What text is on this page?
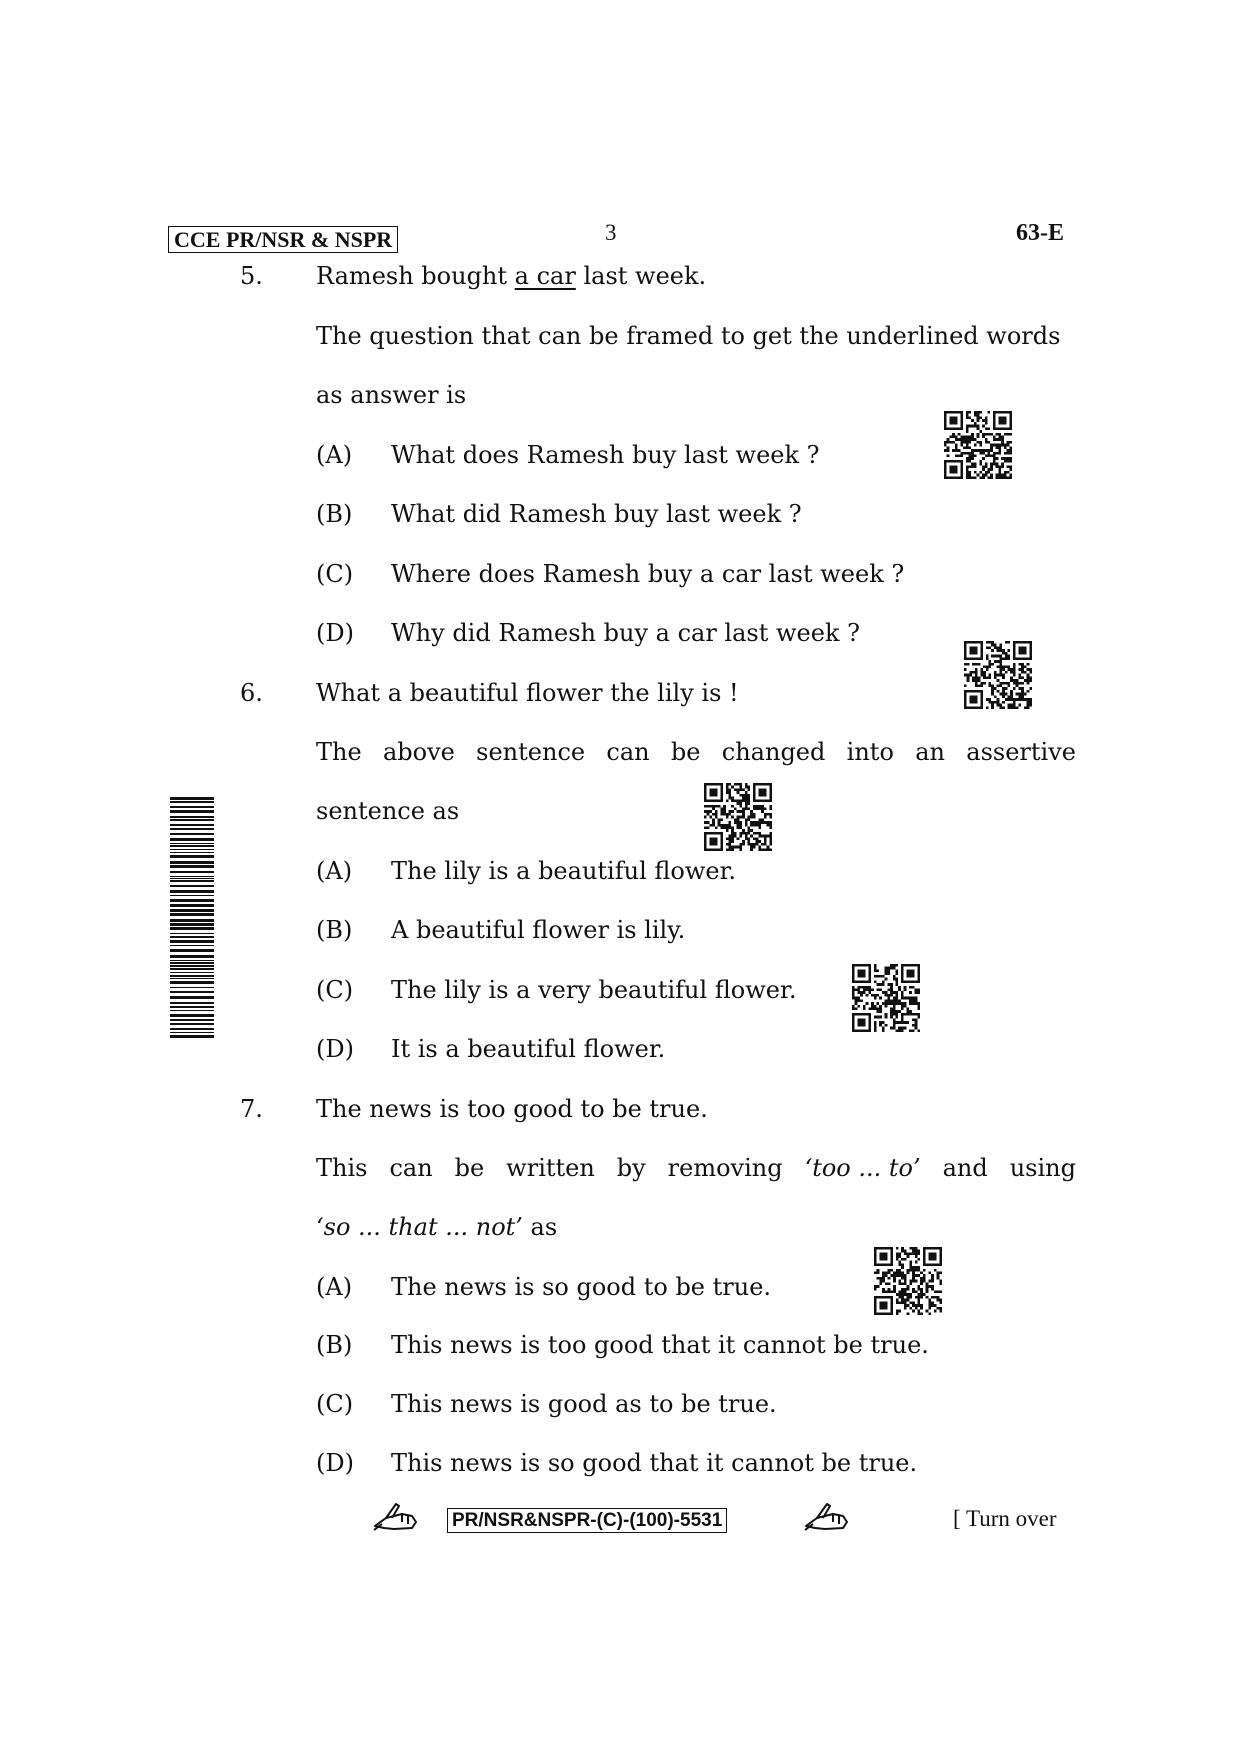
CCE PR/NSR & NSPR	3	63-E
5. Ramesh bought a car last week.
The question that can be framed to get the underlined words
as answer is
(A) What does Ramesh buy last week ?
(B) What did Ramesh buy last week ?
(C) Where does Ramesh buy a car last week ?
(D) Why did Ramesh buy a car last week ?
6. What a beautiful flower the lily is !
The above sentence can be changed into an assertive
sentence as
(A) The lily is a beautiful flower.
(B) A beautiful flower is lily.
(C) The lily is a very beautiful flower.
(D) It is a beautiful flower.
7. The news is too good to be true.
This can be written by removing ‘too ... to’ and using
‘so ... that ... not’ as
(A) The news is so good to be true.
(B) This news is too good that it cannot be true.
(C) This news is good as to be true.
(D) This news is so good that it cannot be true.
PR/NSR&NSPR-(C)-(100)-5531	[ Turn over
